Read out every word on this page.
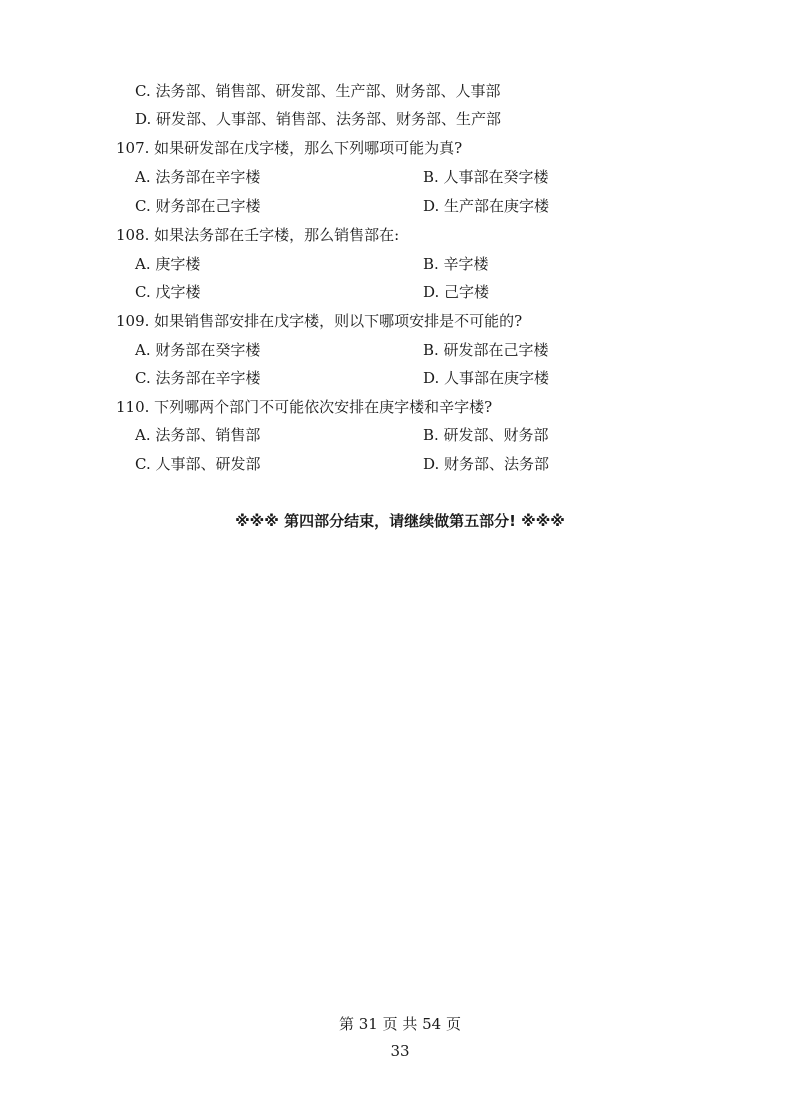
C. 法务部、销售部、研发部、生产部、财务部、人事部
D. 研发部、人事部、销售部、法务部、财务部、生产部
107. 如果研发部在戊字楼，那么下列哪项可能为真?
A. 法务部在辛字楼	B. 人事部在癸字楼
C. 财务部在己字楼	D. 生产部在庚字楼
108. 如果法务部在壬字楼，那么销售部在:
A. 庚字楼	B. 辛字楼
C. 戊字楼	D. 己字楼
109. 如果销售部安排在戊字楼，则以下哪项安排是不可能的?
A. 财务部在癸字楼	B. 研发部在己字楼
C. 法务部在辛字楼	D. 人事部在庚字楼
110. 下列哪两个部门不可能依次安排在庚字楼和辛字楼?
A. 法务部、销售部	B. 研发部、财务部
C. 人事部、研发部	D. 财务部、法务部
※※※ 第四部分结束，请继续做第五部分! ※※※
第 31 页 共 54 页
33
